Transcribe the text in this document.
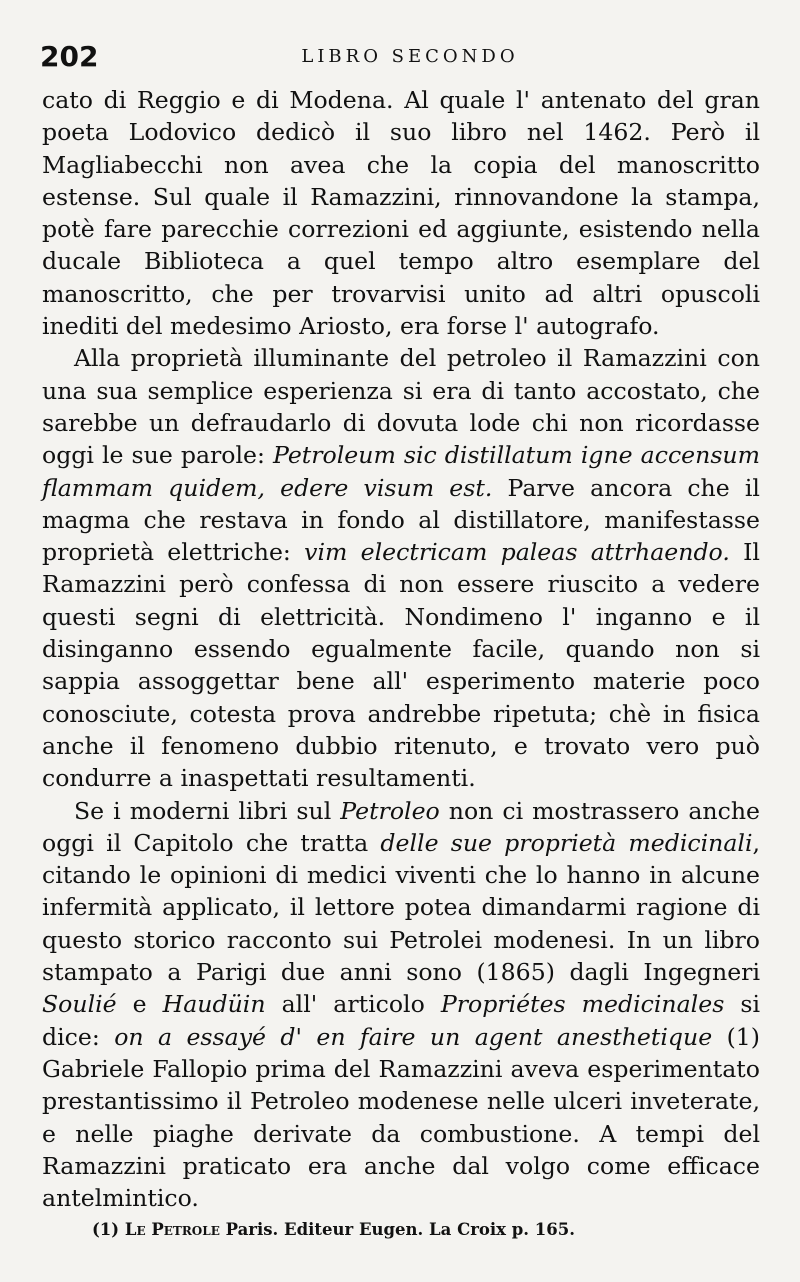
202	LIBRO SECONDO

cato di Reggio e di Modena. Al quale l' antenato del gran poeta Lodovico dedicò il suo libro nel 1462. Però il Magliabecchi non avea che la copia del manoscritto estense. Sul quale il Ramazzini, rinnovandone la stampa, potè fare parecchie correzioni ed aggiunte, esistendo nella ducale Biblioteca a quel tempo altro esemplare del manoscritto, che per trovarvisi unito ad altri opuscoli inediti del medesimo Ariosto, era forse l' autografo.

Alla proprietà illuminante del petroleo il Ramazzini con una sua semplice esperienza si era di tanto accostato, che sarebbe un defraudarlo di dovuta lode chi non ricordasse oggi le sue parole: Petroleum sic distillatum igne accensum flammam quidem, edere visum est. Parve ancora che il magma che restava in fondo al distillatore, manifestasse proprietà elettriche: vim electricam paleas attrhaendo. Il Ramazzini però confessa di non essere riuscito a vedere questi segni di elettricità. Nondimeno l' inganno e il disinganno essendo egualmente facile, quando non si sappia assoggettar bene all' esperimento materie poco conosciute, cotesta prova andrebbe ripetuta; chè in fisica anche il fenomeno dubbio ritenuto, e trovato vero può condurre a inaspettati resultamenti.

Se i moderni libri sul Petroleo non ci mostrassero anche oggi il Capitolo che tratta delle sue proprietà medicinali, citando le opinioni di medici viventi che lo hanno in alcune infermità applicato, il lettore potea dimandarmi ragione di questo storico racconto sui Petrolei modenesi. In un libro stampato a Parigi due anni sono (1865) dagli Ingegneri Soulié e Haudüin all' articolo Propriétes medicinales si dice: on a essayé d' en faire un agent anesthetique (1) Gabriele Fallopio prima del Ramazzini aveva esperimentato prestantissimo il Petroleo modenese nelle ulceri inveterate, e nelle piaghe derivate da combustione. A tempi del Ramazzini praticato era anche dal volgo come efficace antelmintico.

(1) Le Petrole Paris. Editeur Eugen. La Croix p. 165.
